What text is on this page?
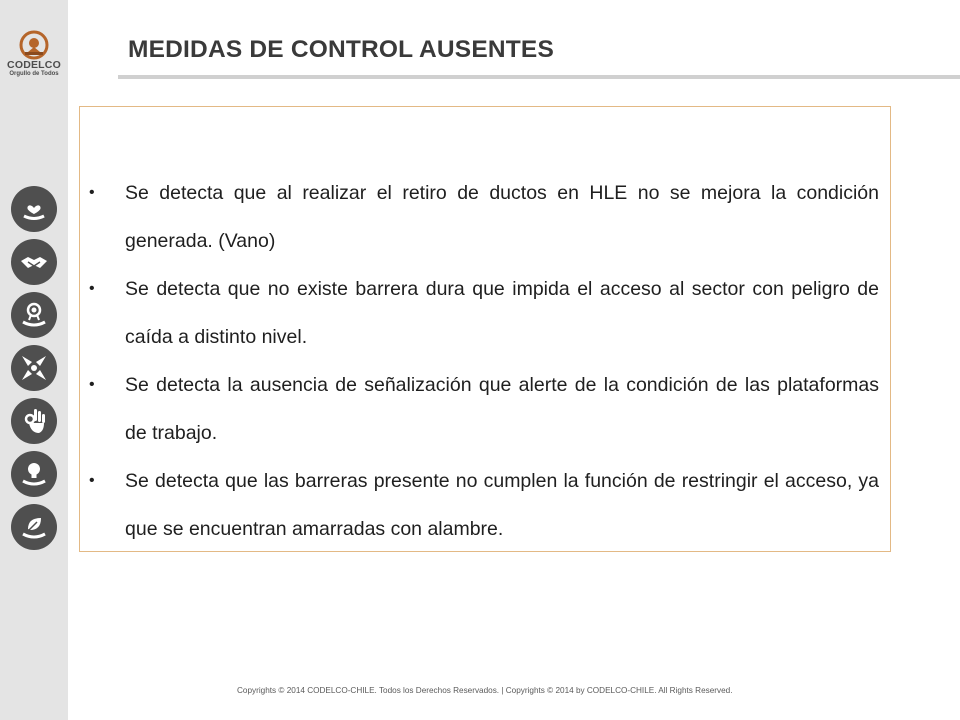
CODELCO
Orgullo de Todos
MEDIDAS DE CONTROL AUSENTES
• Se detecta que al realizar el retiro de ductos en HLE no se mejora la condición generada. (Vano)
• Se detecta que no existe barrera dura que impida el acceso al sector con peligro de caída a distinto nivel.
• Se detecta la ausencia de señalización que alerte de la condición de las plataformas de trabajo.
• Se detecta que las barreras presente no cumplen la función de restringir el acceso, ya que se encuentran amarradas con alambre.
Copyrights © 2014 CODELCO-CHILE. Todos los Derechos Reservados. | Copyrights © 2014 by CODELCO-CHILE. All Rights Reserved.
